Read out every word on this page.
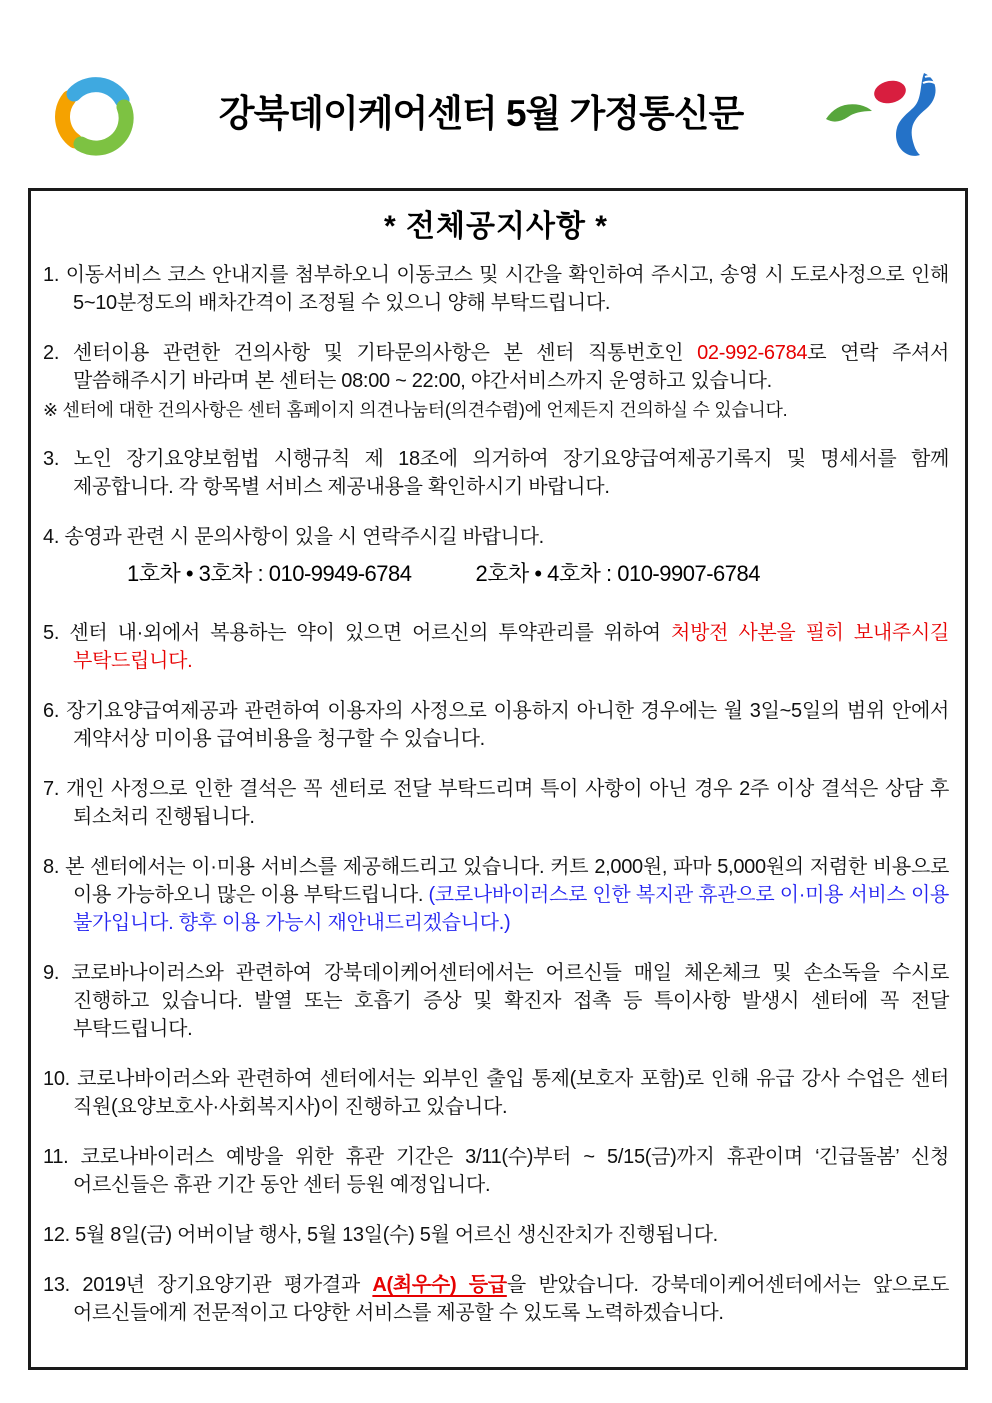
강북데이케어센터 5월 가정통신문
* 전체공지사항 *

1. 이동서비스 코스 안내지를 첨부하오니 이동코스 및 시간을 확인하여 주시고, 송영 시 도로사정으로 인해 5~10분정도의 배차간격이 조정될 수 있으니 양해 부탁드립니다.

2. 센터이용 관련한 건의사항 및 기타문의사항은 본 센터 직통번호인 02-992-6784로 연락 주셔서 말씀해주시기 바라며 본 센터는 08:00 ~ 22:00, 야간서비스까지 운영하고 있습니다.

※ 센터에 대한 건의사항은 센터 홈페이지 의견나눔터(의견수렴)에 언제든지 건의하실 수 있습니다.

3. 노인 장기요양보험법 시행규칙 제 18조에 의거하여 장기요양급여제공기록지 및 명세서를 함께 제공합니다. 각 항목별 서비스 제공내용을 확인하시기 바랍니다.

4. 송영과 관련 시 문의사항이 있을 시 연락주시길 바랍니다.

1호차 • 3호차 : 010-9949-6784	2호차 • 4호차 : 010-9907-6784

5. 센터 내·외에서 복용하는 약이 있으면 어르신의 투약관리를 위하여 처방전 사본을 필히 보내주시길 부탁드립니다.

6. 장기요양급여제공과 관련하여 이용자의 사정으로 이용하지 아니한 경우에는 월 3일~5일의 범위 안에서 계약서상 미이용 급여비용을 청구할 수 있습니다.

7. 개인 사정으로 인한 결석은 꼭 센터로 전달 부탁드리며 특이 사항이 아닌 경우 2주 이상 결석은 상담 후 퇴소처리 진행됩니다.

8. 본 센터에서는 이·미용 서비스를 제공해드리고 있습니다. 커트 2,000원, 파마 5,000원의 저렴한 비용으로 이용 가능하오니 많은 이용 부탁드립니다. (코로나바이러스로 인한 복지관 휴관으로 이·미용 서비스 이용 불가입니다. 향후 이용 가능시 재안내드리겠습니다.)

9. 코로바나이러스와 관련하여 강북데이케어센터에서는 어르신들 매일 체온체크 및 손소독을 수시로 진행하고 있습니다. 발열 또는 호흡기 증상 및 확진자 접촉 등 특이사항 발생시 센터에 꼭 전달 부탁드립니다.

10. 코로나바이러스와 관련하여 센터에서는 외부인 출입 통제(보호자 포함)로 인해 유급 강사 수업은 센터 직원(요양보호사·사회복지사)이 진행하고 있습니다.

11. 코로나바이러스 예방을 위한 휴관 기간은 3/11(수)부터 ~ 5/15(금)까지 휴관이며 ‘긴급돌봄’ 신청 어르신들은 휴관 기간 동안 센터 등원 예정입니다.

12. 5월 8일(금) 어버이날 행사, 5월 13일(수) 5월 어르신 생신잔치가 진행됩니다.

13. 2019년 장기요양기관 평가결과 A(최우수) 등급을 받았습니다. 강북데이케어센터에서는 앞으로도 어르신들에게 전문적이고 다양한 서비스를 제공할 수 있도록 노력하겠습니다.
